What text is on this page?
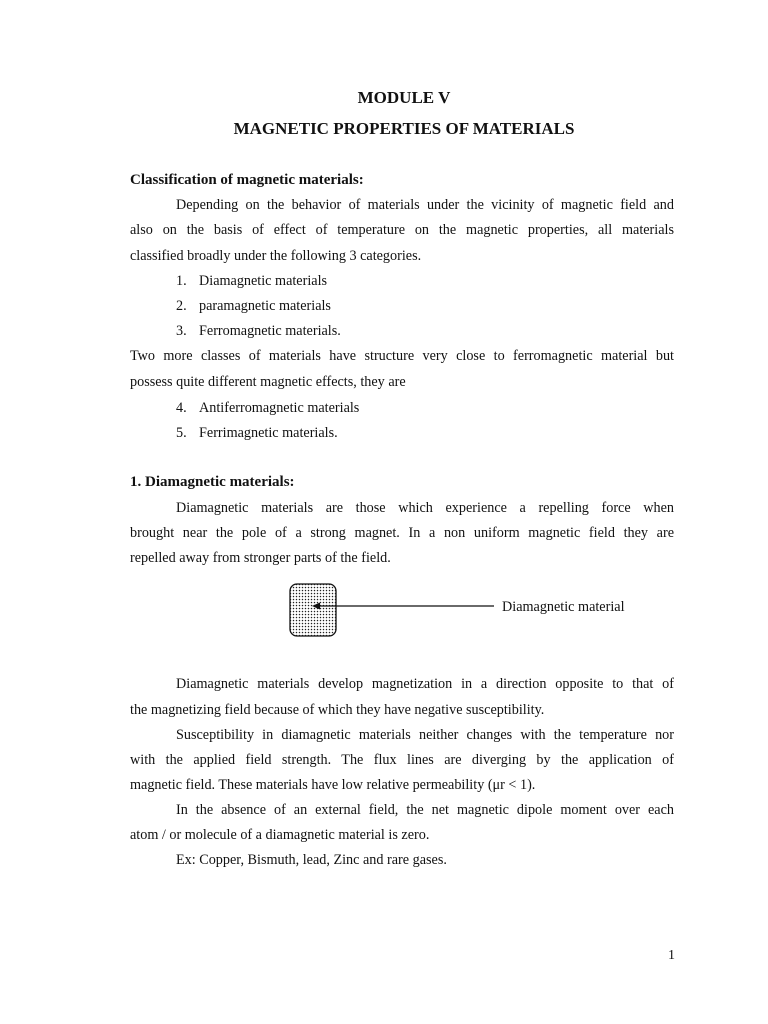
MODULE V
MAGNETIC PROPERTIES OF MATERIALS
Classification of magnetic materials:
Depending on the behavior of materials under the vicinity of magnetic field and
also on the basis of effect of temperature on the magnetic properties, all materials
classified broadly under the following 3 categories.
1. Diamagnetic materials
2. paramagnetic materials
3. Ferromagnetic materials.
Two more classes of materials have structure very close to ferromagnetic material but
possess quite different magnetic effects, they are
4. Antiferromagnetic materials
5. Ferrimagnetic materials.
1. Diamagnetic materials:
Diamagnetic materials are those which experience a repelling force when
brought near the pole of a strong magnet. In a non uniform magnetic field they are
repelled away from stronger parts of the field.
Diamagnetic material
Diamagnetic materials develop magnetization in a direction opposite to that of
the magnetizing field because of which they have negative susceptibility.
Susceptibility in diamagnetic materials neither changes with the temperature nor
with the applied field strength. The flux lines are diverging by the application of
magnetic field. These materials have low relative permeability (μr < 1).
In the absence of an external field, the net magnetic dipole moment over each
atom / or molecule of a diamagnetic material is zero.
Ex: Copper, Bismuth, lead, Zinc and rare gases.
1
